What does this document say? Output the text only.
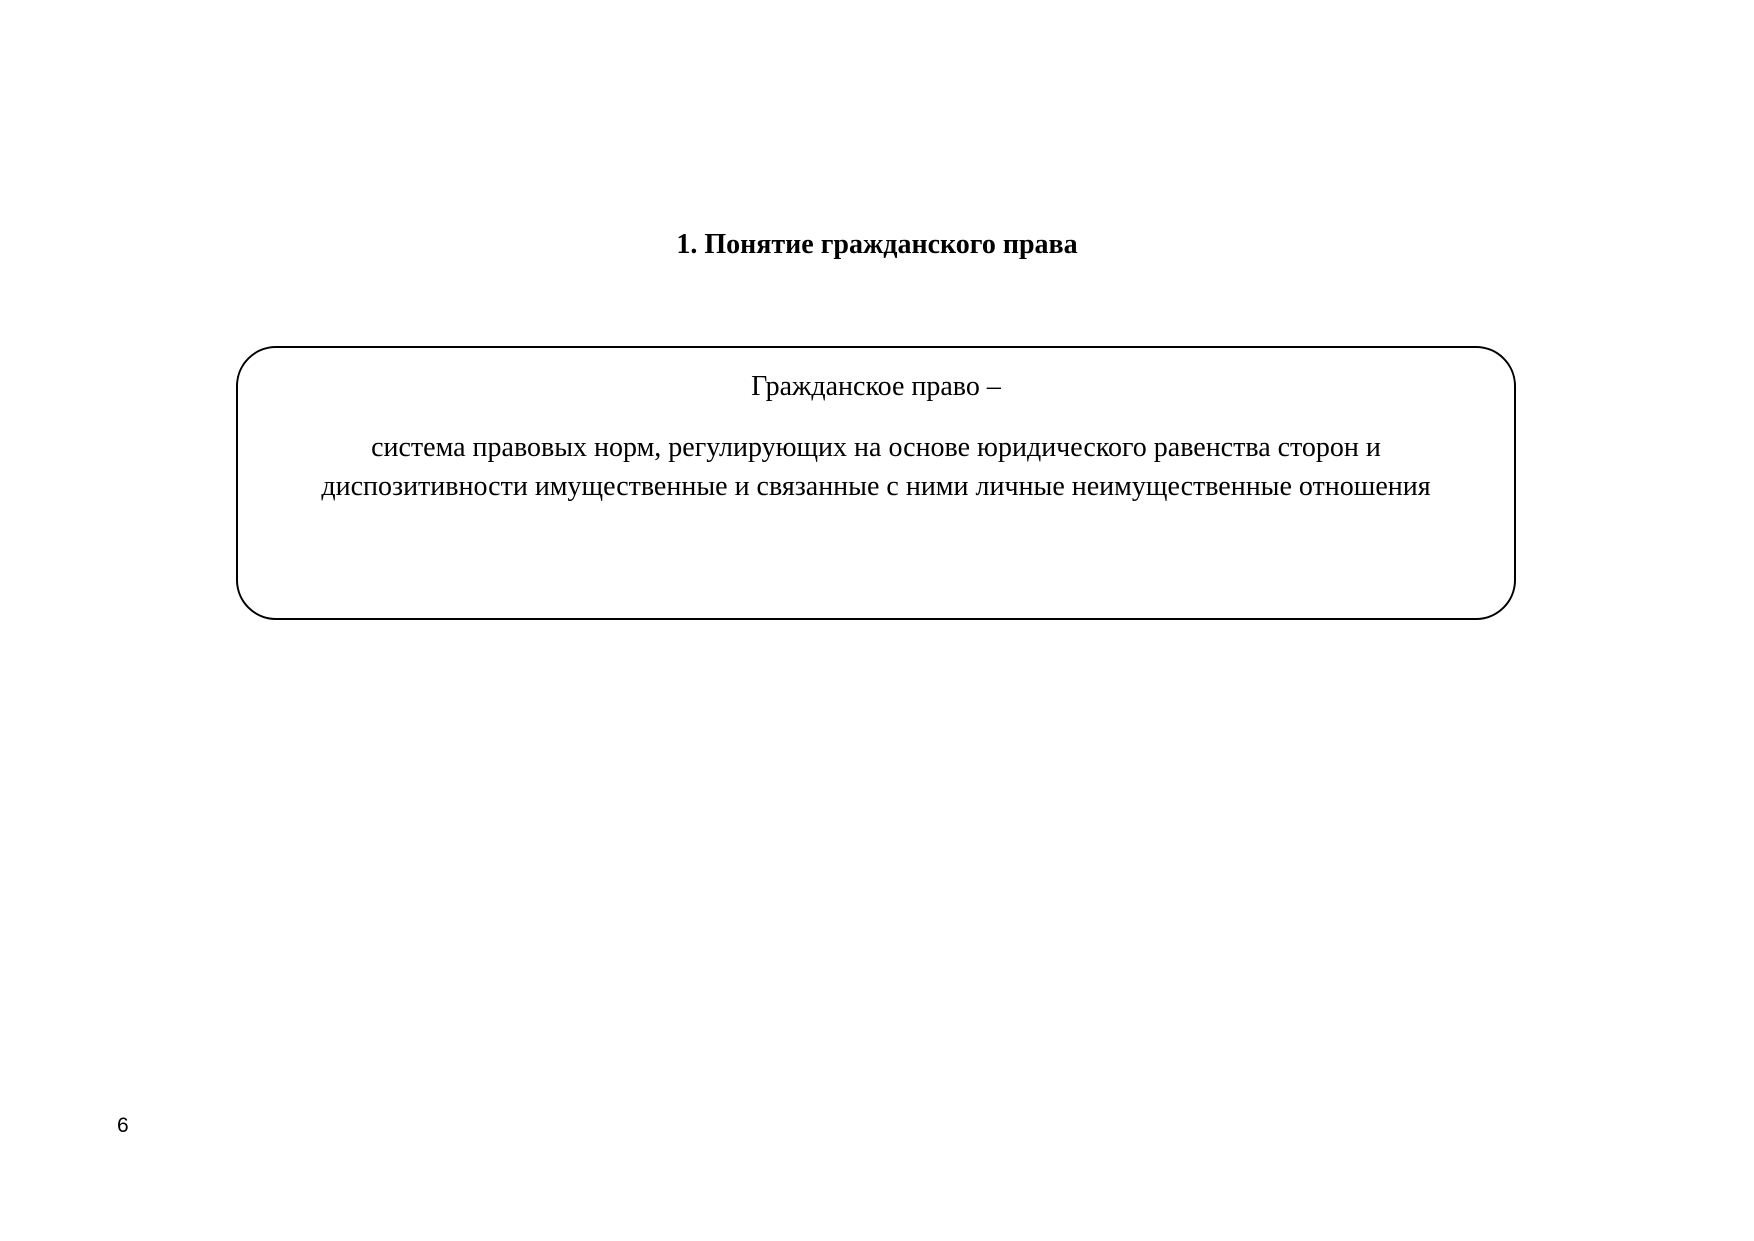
1. Понятие гражданского права

Гражданское право –

система правовых норм, регулирующих на основе юридического равенства сторон и диспозитивности имущественные и связанные с ними личные неимущественные отношения

6
